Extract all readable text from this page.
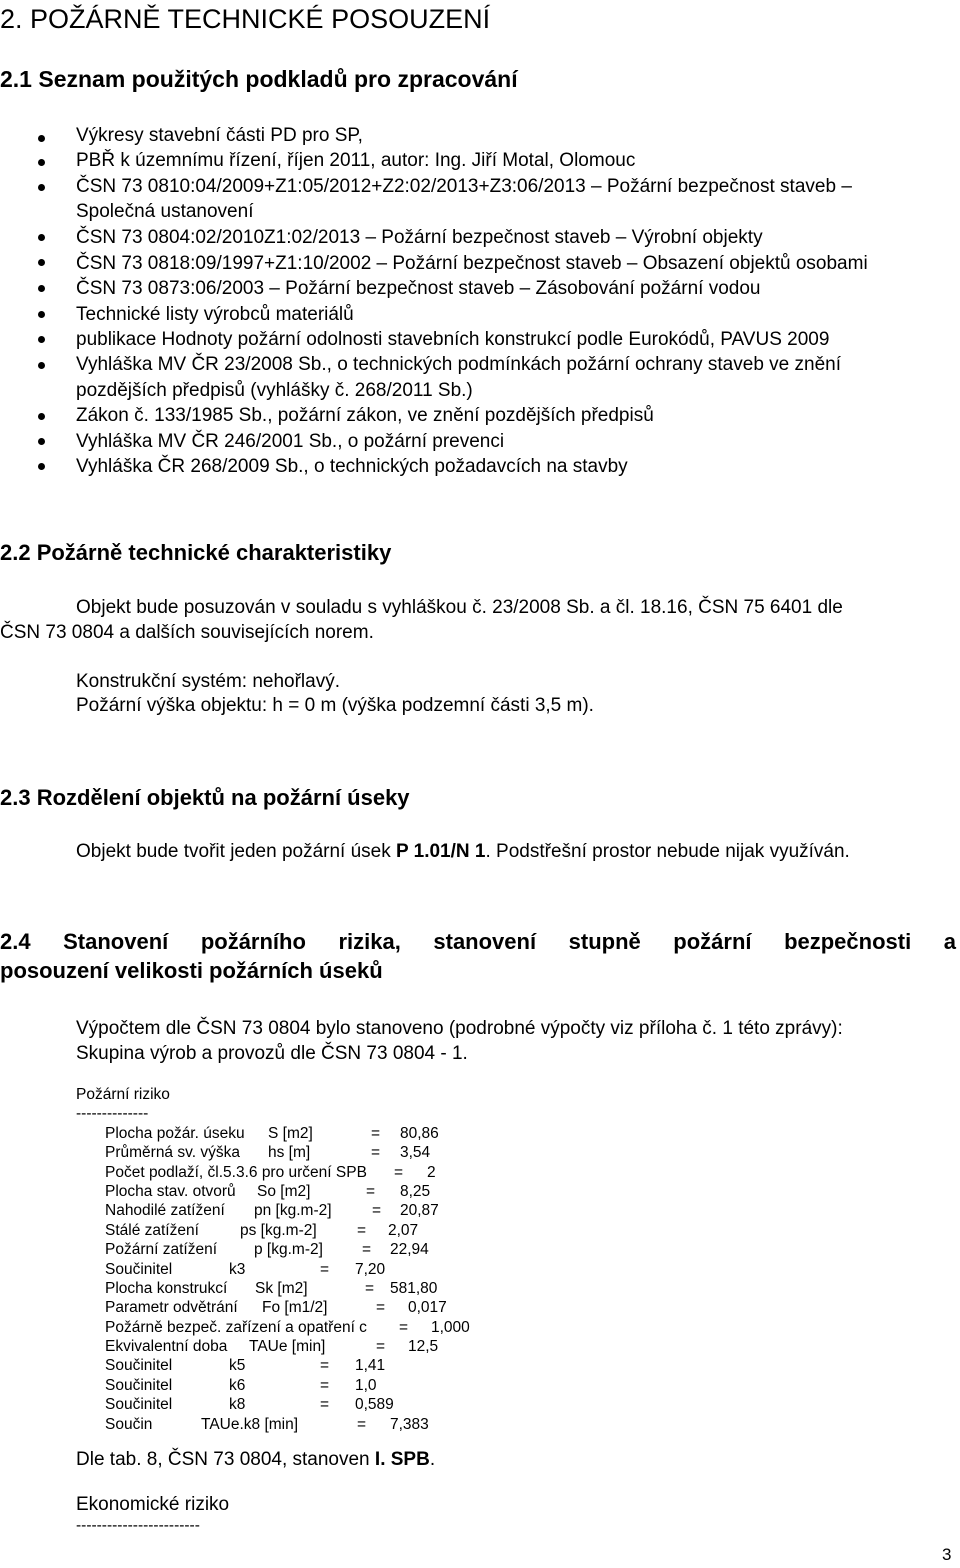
2. POŽÁRNĚ TECHNICKÉ POSOUZENÍ
2.1 Seznam použitých podkladů pro zpracování
Výkresy stavební části PD pro SP,
PBŘ k územnímu řízení, říjen 2011, autor: Ing. Jiří Motal, Olomouc
ČSN 73 0810:04/2009+Z1:05/2012+Z2:02/2013+Z3:06/2013 – Požární bezpečnost staveb –
Společná ustanovení
ČSN 73 0804:02/2010Z1:02/2013 – Požární bezpečnost staveb – Výrobní objekty
ČSN 73 0818:09/1997+Z1:10/2002 – Požární bezpečnost staveb – Obsazení objektů osobami
ČSN 73 0873:06/2003 – Požární bezpečnost staveb – Zásobování požární vodou
Technické listy výrobců materiálů
publikace Hodnoty požární odolnosti stavebních konstrukcí podle Eurokódů, PAVUS 2009
Vyhláška MV ČR 23/2008 Sb., o technických podmínkách požární ochrany staveb ve znění
pozdějších předpisů (vyhlášky č. 268/2011 Sb.)
Zákon č. 133/1985 Sb., požární zákon, ve znění pozdějších předpisů
Vyhláška MV ČR 246/2001 Sb., o požární prevenci
Vyhláška ČR 268/2009 Sb., o technických požadavcích na stavby
2.2 Požárně technické charakteristiky
Objekt bude posuzován v souladu s vyhláškou č. 23/2008 Sb. a čl. 18.16, ČSN 75 6401 dle
ČSN 73 0804 a dalších souvisejících norem.
Konstrukční systém: nehořlavý.
Požární výška objektu: h = 0 m (výška podzemní části 3,5 m).
2.3 Rozdělení objektů na požární úseky
Objekt bude tvořit jeden požární úsek P 1.01/N 1. Podstřešní prostor nebude nijak využíván.
2.4 Stanovení požárního rizika, stanovení stupně požární bezpečnosti a
posouzení velikosti požárních úseků
Výpočtem dle ČSN 73 0804 bylo stanoveno (podrobné výpočty viz příloha č. 1 této zprávy):
Skupina výrob a provozů dle ČSN 73 0804 - 1.
Požární riziko
--------------
Plocha požár. úseku S [m2]	= 80,86
Průměrná sv. výška hs [m]	= 3,54
Počet podlaží, čl.5.3.6 pro určení SPB = 2
Plocha stav. otvorů So [m2]	= 8,25
Nahodilé zatížení pn [kg.m-2]	= 20,87
Stálé zatížení	ps [kg.m-2]	= 2,07
Požární zatížení p [kg.m-2]	= 22,94
Součinitel	k3	= 7,20
Plocha konstrukcí Sk [m2]	= 581,80
Parametr odvětrání Fo [m1/2]	= 0,017
Požárně bezpeč. zařízení a opatření c = 1,000
Ekvivalentní doba TAUe [min]	= 12,5
Součinitel	k5	= 1,41
Součinitel	k6	= 1,0
Součinitel	k8	= 0,589
Součin	TAUe.k8 [min]	= 7,383
Dle tab. 8, ČSN 73 0804, stanoven I. SPB.
Ekonomické riziko
------------------------
3
